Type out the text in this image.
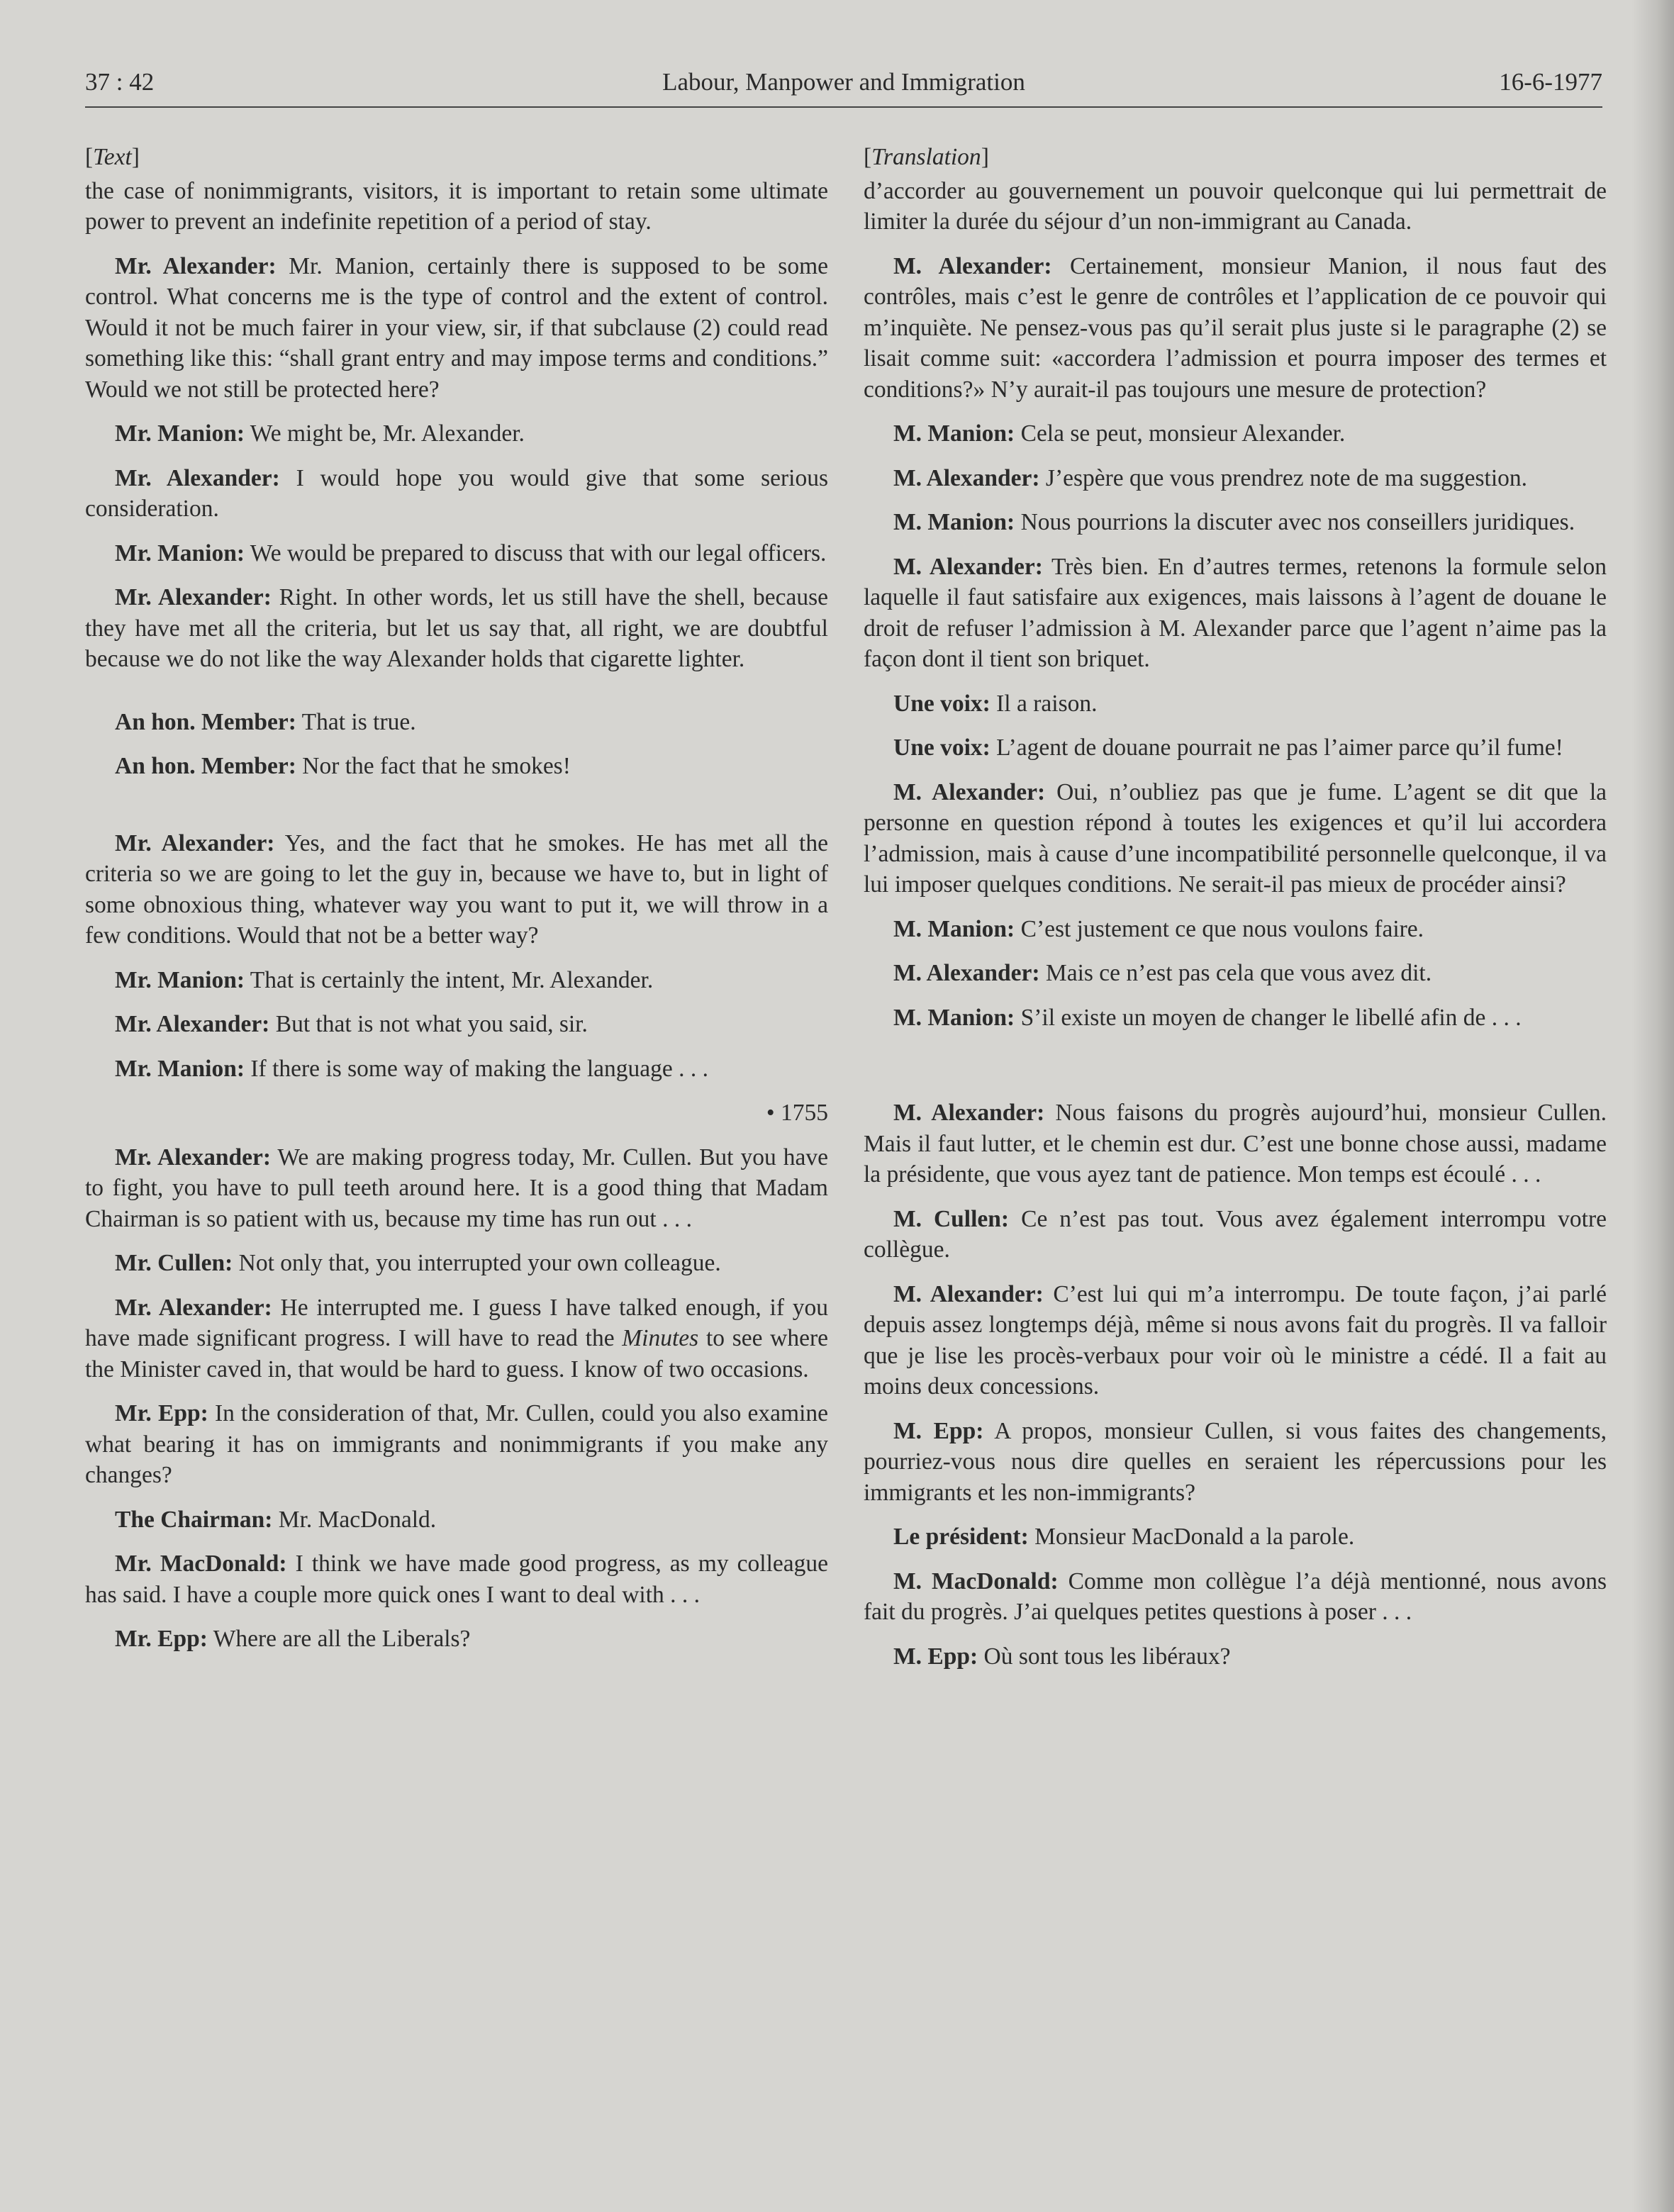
37 : 42	Labour, Manpower and Immigration	16-6-1977
[Text]

the case of nonimmigrants, visitors, it is important to retain some ultimate power to prevent an indefinite repetition of a period of stay.

Mr. Alexander: Mr. Manion, certainly there is supposed to be some control. What concerns me is the type of control and the extent of control. Would it not be much fairer in your view, sir, if that subclause (2) could read something like this: “shall grant entry and may impose terms and conditions.” Would we not still be protected here?

Mr. Manion: We might be, Mr. Alexander.

Mr. Alexander: I would hope you would give that some serious consideration.

Mr. Manion: We would be prepared to discuss that with our legal officers.

Mr. Alexander: Right. In other words, let us still have the shell, because they have met all the criteria, but let us say that, all right, we are doubtful because we do not like the way Alexander holds that cigarette lighter.

An hon. Member: That is true.

An hon. Member: Nor the fact that he smokes!

Mr. Alexander: Yes, and the fact that he smokes. He has met all the criteria so we are going to let the guy in, because we have to, but in light of some obnoxious thing, whatever way you want to put it, we will throw in a few conditions. Would that not be a better way?

Mr. Manion: That is certainly the intent, Mr. Alexander.

Mr. Alexander: But that is not what you said, sir.

Mr. Manion: If there is some way of making the language . . .

• 1755

Mr. Alexander: We are making progress today, Mr. Cullen. But you have to fight, you have to pull teeth around here. It is a good thing that Madam Chairman is so patient with us, because my time has run out . . .

Mr. Cullen: Not only that, you interrupted your own colleague.

Mr. Alexander: He interrupted me. I guess I have talked enough, if you have made significant progress. I will have to read the Minutes to see where the Minister caved in, that would be hard to guess. I know of two occasions.

Mr. Epp: In the consideration of that, Mr. Cullen, could you also examine what bearing it has on immigrants and nonimmigrants if you make any changes?

The Chairman: Mr. MacDonald.

Mr. MacDonald: I think we have made good progress, as my colleague has said. I have a couple more quick ones I want to deal with . . .

Mr. Epp: Where are all the Liberals?

[Translation]

d’accorder au gouvernement un pouvoir quelconque qui lui permettrait de limiter la durée du séjour d’un non-immigrant au Canada.

M. Alexander: Certainement, monsieur Manion, il nous faut des contrôles, mais c’est le genre de contrôles et l’application de ce pouvoir qui m’inquiète. Ne pensez-vous pas qu’il serait plus juste si le paragraphe (2) se lisait comme suit: «accordera l’admission et pourra imposer des termes et conditions?» N’y aurait-il pas toujours une mesure de protection?

M. Manion: Cela se peut, monsieur Alexander.

M. Alexander: J’espère que vous prendrez note de ma suggestion.

M. Manion: Nous pourrions la discuter avec nos conseillers juridiques.

M. Alexander: Très bien. En d’autres termes, retenons la formule selon laquelle il faut satisfaire aux exigences, mais laissons à l’agent de douane le droit de refuser l’admission à M. Alexander parce que l’agent n’aime pas la façon dont il tient son briquet.

Une voix: Il a raison.

Une voix: L’agent de douane pourrait ne pas l’aimer parce qu’il fume!

M. Alexander: Oui, n’oubliez pas que je fume. L’agent se dit que la personne en question répond à toutes les exigences et qu’il lui accordera l’admission, mais à cause d’une incompatibilité personnelle quelconque, il va lui imposer quelques conditions. Ne serait-il pas mieux de procéder ainsi?

M. Manion: C’est justement ce que nous voulons faire.

M. Alexander: Mais ce n’est pas cela que vous avez dit.

M. Manion: S’il existe un moyen de changer le libellé afin de . . .

M. Alexander: Nous faisons du progrès aujourd’hui, monsieur Cullen. Mais il faut lutter, et le chemin est dur. C’est une bonne chose aussi, madame la présidente, que vous ayez tant de patience. Mon temps est écoulé . . .

M. Cullen: Ce n’est pas tout. Vous avez également interrompu votre collègue.

M. Alexander: C’est lui qui m’a interrompu. De toute façon, j’ai parlé depuis assez longtemps déjà, même si nous avons fait du progrès. Il va falloir que je lise les procès-verbaux pour voir où le ministre a cédé. Il a fait au moins deux concessions.

M. Epp: A propos, monsieur Cullen, si vous faites des changements, pourriez-vous nous dire quelles en seraient les répercussions pour les immigrants et les non-immigrants?

Le président: Monsieur MacDonald a la parole.

M. MacDonald: Comme mon collègue l’a déjà mentionné, nous avons fait du progrès. J’ai quelques petites questions à poser . . .

M. Epp: Où sont tous les libéraux?
